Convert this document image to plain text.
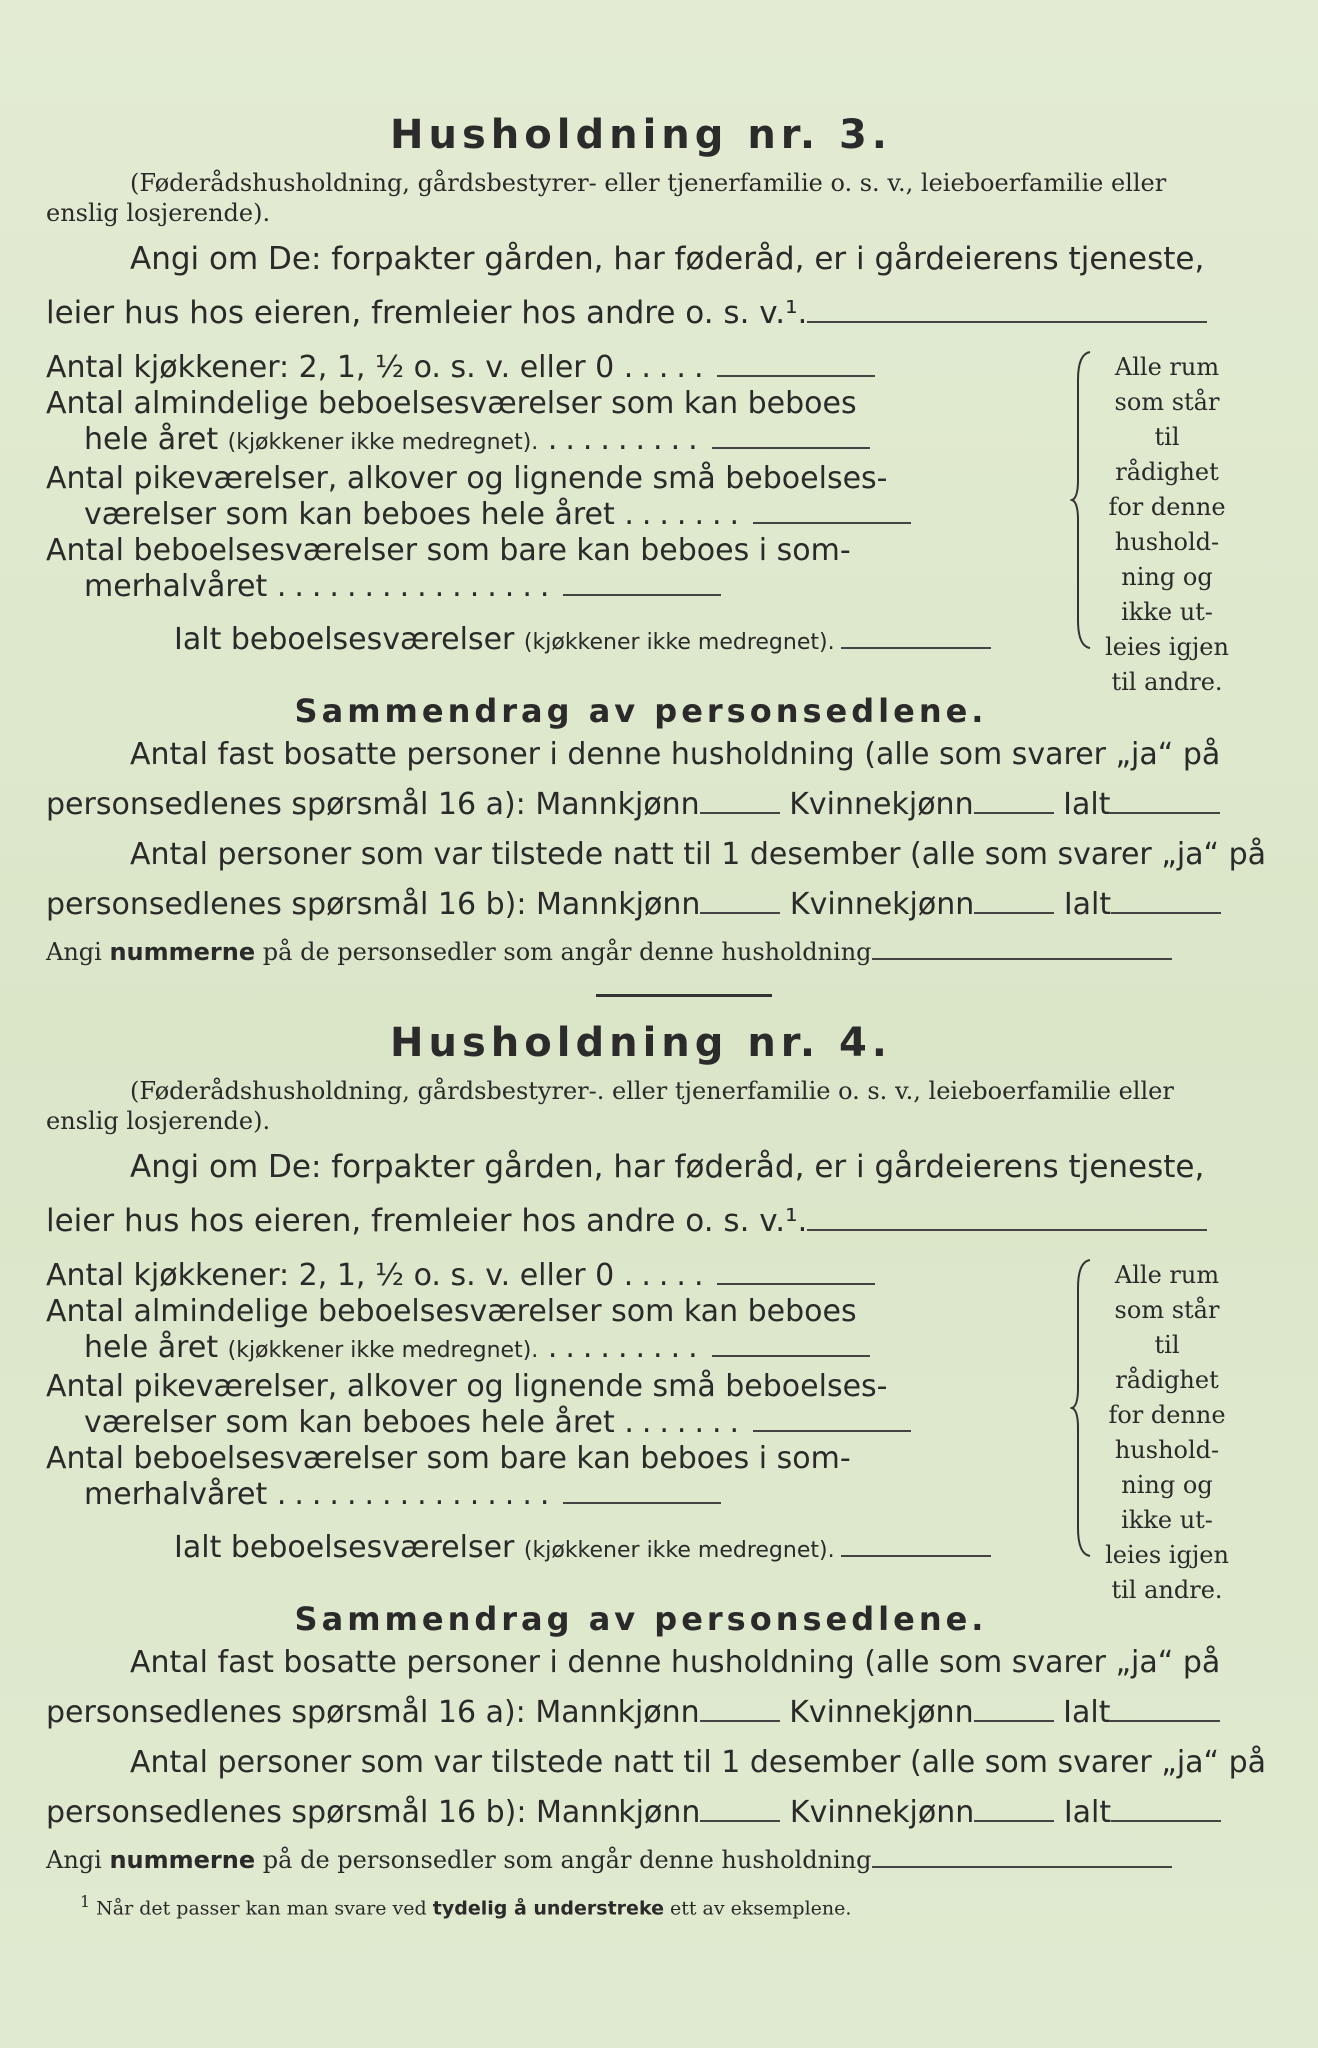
Husholdning nr. 3.

(Føderådshusholdning, gårdsbestyrer- eller tjenerfamilie o. s. v., leieboerfamilie eller enslig losjerende).

Angi om De: forpakter gården, har føderåd, er i gårdeierens tjeneste,
leier hus hos eieren, fremleier hos andre o. s. v.¹.

Antal kjøkkener: 2, 1, ½ o. s. v. eller 0 .....
Antal almindelige beboelsesværelser som kan beboes
hele året (kjøkkener ikke medregnet). .........
Antal pikeværelser, alkover og lignende små beboelses-
værelser som kan beboes hele året .......
Antal beboelsesværelser som bare kan beboes i som-
merhalvåret ................
Alle rum
som står til
rådighet
for denne
hushold-
ning og
ikke ut-
leies igjen
til andre.
Ialt beboelsesværelser (kjøkkener ikke medregnet).
Sammendrag av personsedlene.

Antal fast bosatte personer i denne husholdning (alle som svarer „ja“ på
personsedlenes spørsmål 16 a): Mannkjønn	Kvinnekjønn	Ialt

Antal personer som var tilstede natt til 1 desember (alle som svarer „ja“ på
personsedlenes spørsmål 16 b): Mannkjønn	Kvinnekjønn	Ialt

Angi nummerne på de personsedler som angår denne husholdning

Husholdning nr. 4.

(Føderådshusholdning, gårdsbestyrer-. eller tjenerfamilie o. s. v., leieboerfamilie eller enslig losjerende).

Angi om De: forpakter gården, har føderåd, er i gårdeierens tjeneste,
leier hus hos eieren, fremleier hos andre o. s. v.¹.

Antal kjøkkener: 2, 1, ½ o. s. v. eller 0 .....
Antal almindelige beboelsesværelser som kan beboes
hele året (kjøkkener ikke medregnet). .........
Antal pikeværelser, alkover og lignende små beboelses-
værelser som kan beboes hele året .......
Antal beboelsesværelser som bare kan beboes i som-
merhalvåret ................
Alle rum
som står til
rådighet
for denne
hushold-
ning og
ikke ut-
leies igjen
til andre.
Ialt beboelsesværelser (kjøkkener ikke medregnet).
Sammendrag av personsedlene.

Antal fast bosatte personer i denne husholdning (alle som svarer „ja“ på
personsedlenes spørsmål 16 a): Mannkjønn	Kvinnekjønn	Ialt

Antal personer som var tilstede natt til 1 desember (alle som svarer „ja“ på
personsedlenes spørsmål 16 b): Mannkjønn	Kvinnekjønn	Ialt

Angi nummerne på de personsedler som angår denne husholdning

$^1$ Når det passer kan man svare ved tydelig å understreke ett av eksemplene.
